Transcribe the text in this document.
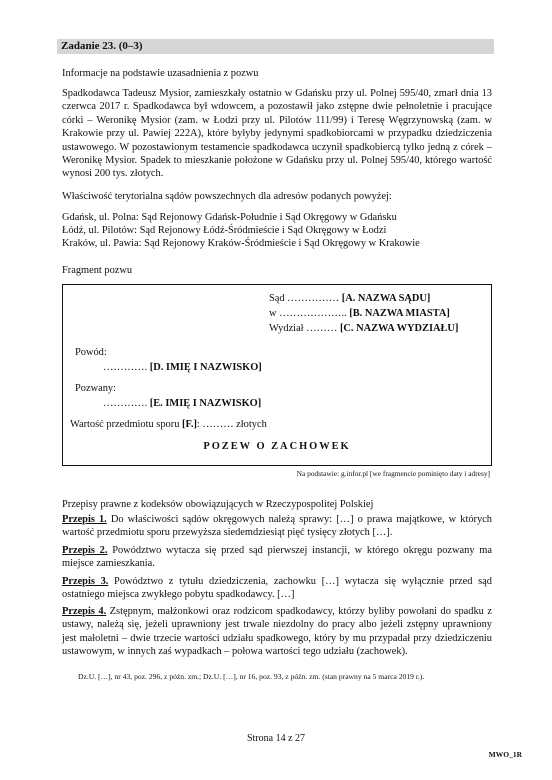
Zadanie 23. (0–3)
Informacje na podstawie uzasadnienia z pozwu
Spadkodawca Tadeusz Mysior, zamieszkały ostatnio w Gdańsku przy ul. Polnej 595/40, zmarł dnia 13 czerwca 2017 r. Spadkodawca był wdowcem, a pozostawił jako zstępne dwie pełnoletnie i pracujące córki – Weronikę Mysior (zam. w Łodzi przy ul. Pilotów 111/99) i Teresę Węgrzynowską (zam. w Krakowie przy ul. Pawiej 222A), które byłyby jedynymi spadkobiorcami w przypadku dziedziczenia ustawowego. W pozostawionym testamencie spadkodawca uczynił spadkobiercą tylko jedną z córek – Weronikę Mysior. Spadek to mieszkanie położone w Gdańsku przy ul. Polnej 595/40, którego wartość wynosi 200 tys. złotych.
Właściwość terytorialna sądów powszechnych dla adresów podanych powyżej:
Gdańsk, ul. Polna: Sąd Rejonowy Gdańsk-Południe i Sąd Okręgowy w Gdańsku
Łódź, ul. Pilotów: Sąd Rejonowy Łódź-Śródmieście i Sąd Okręgowy w Łodzi
Kraków, ul. Pawia: Sąd Rejonowy Kraków-Śródmieście i Sąd Okręgowy w Krakowie
Fragment pozwu
Sąd …………… [A. NAZWA SĄDU]
w ……………….. [B. NAZWA MIASTA]
Wydział ……… [C. NAZWA WYDZIAŁU]
Powód:
…………. [D. IMIĘ I NAZWISKO]
Pozwany:
…………. [E. IMIĘ I NAZWISKO]
Wartość przedmiotu sporu [F.]: ……… złotych
POZEW O ZACHOWEK
Na podstawie: g.infor.pl [we fragmencie pominięto daty i adresy]
Przepisy prawne z kodeksów obowiązujących w Rzeczypospolitej Polskiej
Przepis 1. Do właściwości sądów okręgowych należą sprawy: […] o prawa majątkowe, w których wartość przedmiotu sporu przewyższa siedemdziesiąt pięć tysięcy złotych […].
Przepis 2. Powództwo wytacza się przed sąd pierwszej instancji, w którego okręgu pozwany ma miejsce zamieszkania.
Przepis 3. Powództwo z tytułu dziedziczenia, zachowku […] wytacza się wyłącznie przed sąd ostatniego miejsca zwykłego pobytu spadkodawcy. […]
Przepis 4. Zstępnym, małżonkowi oraz rodzicom spadkodawcy, którzy byliby powołani do spadku z ustawy, należą się, jeżeli uprawniony jest trwale niezdolny do pracy albo jeżeli zstępny uprawniony jest małoletni – dwie trzecie wartości udziału spadkowego, który by mu przypadał przy dziedziczeniu ustawowym, w innych zaś wypadkach – połowa wartości tego udziału (zachowek).
Dz.U. […], nr 43, poz. 296, z późn. zm.; Dz.U. […], nr 16, poz. 93, z późn. zm. (stan prawny na 5 marca 2019 r.).
Strona 14 z 27
MWO_1R
